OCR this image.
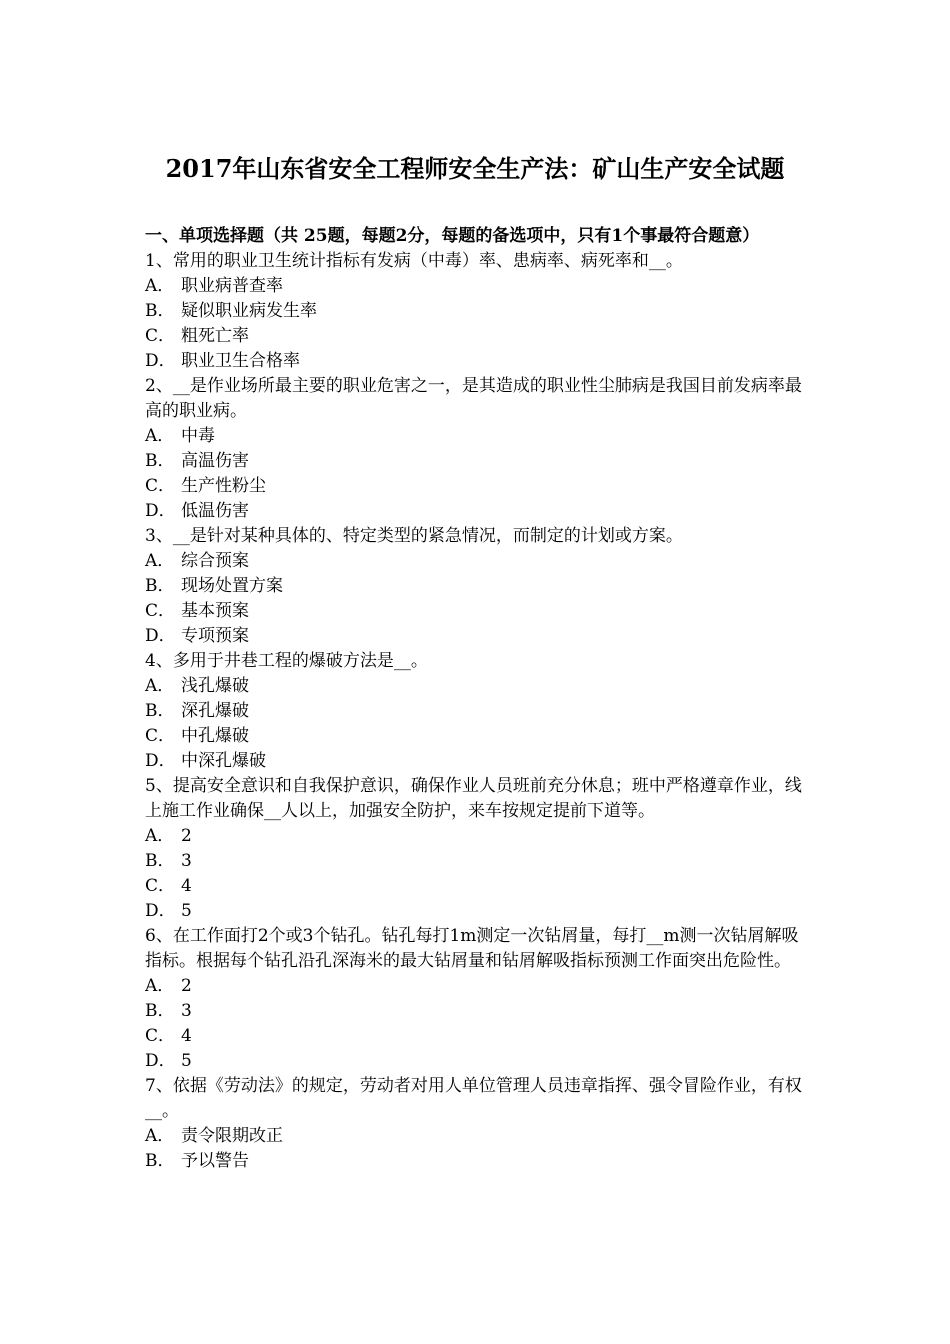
2017年山东省安全工程师安全生产法：矿山生产安全试题

一、单项选择题（共 25题，每题2分，每题的备选项中，只有1个事最符合题意）

1、常用的职业卫生统计指标有发病（中毒）率、患病率、病死率和__。

A． 职业病普查率

B． 疑似职业病发生率

C． 粗死亡率

D． 职业卫生合格率

2、__是作业场所最主要的职业危害之一，是其造成的职业性尘肺病是我国目前发病率最高的职业病。

A． 中毒

B． 高温伤害

C． 生产性粉尘

D． 低温伤害

3、__是针对某种具体的、特定类型的紧急情况，而制定的计划或方案。

A． 综合预案

B． 现场处置方案

C． 基本预案

D． 专项预案

4、多用于井巷工程的爆破方法是__。

A． 浅孔爆破

B． 深孔爆破

C． 中孔爆破

D． 中深孔爆破

5、提高安全意识和自我保护意识，确保作业人员班前充分休息；班中严格遵章作业，线上施工作业确保__人以上，加强安全防护，来车按规定提前下道等。

A． 2

B． 3

C． 4

D． 5

6、在工作面打2个或3个钻孔。钻孔每打1m测定一次钻屑量，每打__m测一次钻屑解吸指标。根据每个钻孔沿孔深海米的最大钻屑量和钻屑解吸指标预测工作面突出危险性。

A． 2

B． 3

C． 4

D． 5

7、依据《劳动法》的规定，劳动者对用人单位管理人员违章指挥、强令冒险作业，有权__。

A． 责令限期改正

B． 予以警告
